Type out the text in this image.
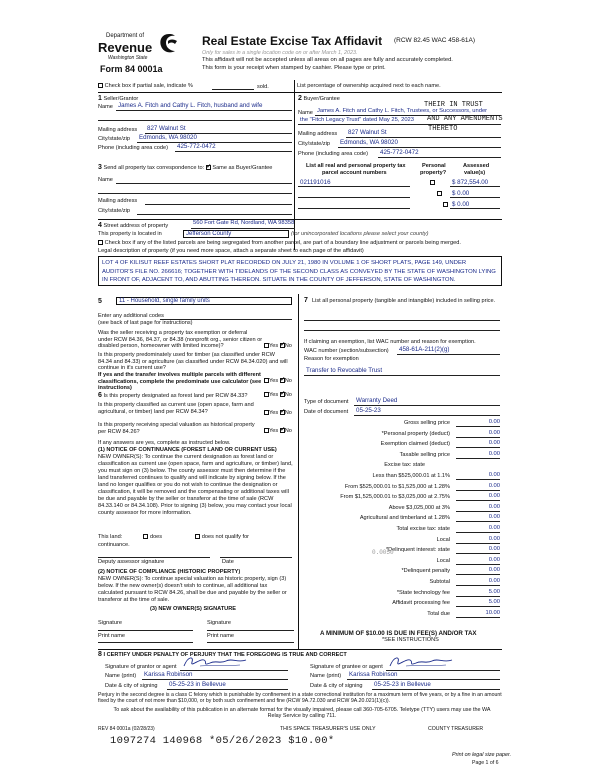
Department of
Revenue
Washington State
Form 84 0001a
Real Estate Excise Tax Affidavit (RCW 82.45 WAC 458-61A)
Only for sales in a single location code on or after March 1, 2023.
This affidavit will not be accepted unless all areas on all pages are fully and accurately completed.
This form is your receipt when stamped by cashier. Please type or print.
Check box if partial sale, indicate %	sold.	List percentage of ownership acquired next to each name.
1 Seller/Grantor
Name James A. Fitch and Cathy L. Fitch, husband and wife
Mailing address 827 Walnut St
City/state/zip Edmonds, WA 98020
Phone (including area code) 425-772-0472
2 Buyer/Grantee
THEIR IN TRUST
Name James A. Fitch and Cathy L. Fitch, Trustees, or Successors, under
the "Fitch Legacy Trust" dated May 25, 2023 AND ANY AMENDMENTS
THERETO
Mailing address 827 Walnut St
City/state/zip Edmonds, WA 98020
Phone (including area code) 425-772-0472
3 Send all property tax correspondence to: ✓ Same as Buyer/Grantee
Name
Mailing address
City/state/zip
List all real and personal property tax
parcel account numbers
Personal
property?
Assessed
value(s)
021191016
	$ 872,554.00

$ 0.00
$ 0.00
4 Street address of property	560 Fort Gate Rd, Nordland, WA 98358
This property is located in	Jefferson County	(for unincorporated locations please select your county)
Check box if any of the listed parcels are being segregated from another parcel, are part of a boundary line adjustment or parcels being merged.
Legal description of property (if you need more space, attach a separate sheet to each page of the affidavit)
LOT 4 OF KILISUT REEF ESTATES SHORT PLAT RECORDED ON JULY 21, 1980 IN VOLUME 1 OF SHORT PLATS, PAGE 149, UNDER AUDITOR'S FILE NO. 266616; TOGETHER WITH TIDELANDS OF THE SECOND CLASS AS CONVEYED BY THE STATE OF WASHINGTON LYING IN FRONT OF, ADJACENT TO, AND ABUTTING THEREON. SITUATE IN THE COUNTY OF JEFFERSON, STATE OF WASHINGTON.
5	11 - Household, single family units
Enter any additional codes
(see back of last page for instructions)
Was the seller receiving a property tax exemption or deferral under RCW 84.36, 84.37, or 84.38 (nonprofit org., senior citizen or disabled person, homeowner with limited income)?	Yes ✓ No
Is this property predominately used for timber (as classified under RCW 84.34 and 84.33) or agriculture (as classified under RCW 84.34.020) and will continue in it's current use?
If yes and the transfer involves multiple parcels with different classifications, complete the predominate use calculator (see instructions)
Yes ✓ No
6 Is this property designated as forest land per RCW 84.33?	Yes ✓ No
Is this property classified as current use (open space, farm and agricultural, or timber) land per RCW 84.34?	Yes ✓ No
Is this property receiving special valuation as historical property per RCW 84.26?	Yes ✓ No
If any answers are yes, complete as instructed below.
(1) NOTICE OF CONTINUANCE (FOREST LAND OR CURRENT USE)
NEW OWNER(S): To continue the current designation as forest land or classification as current use (open space, farm and agriculture, or timber) land, you must sign on (3) below. The county assessor must then determine if the land transferred continues to qualify and will indicate by signing below. If the land no longer qualifies or you do not wish to continue the designation or classification, it will be removed and the compensating or additional taxes will be due and payable by the seller or transferor at the time of sale (RCW 84.33.140 or 84.34.108). Prior to signing (3) below, you may contact your local county assessor for more information.
This land:	does	does not qualify for
continuance.
Deputy assessor signature	Date
(2) NOTICE OF COMPLIANCE (HISTORIC PROPERTY)
NEW OWNER(S): To continue special valuation as historic property, sign (3) below. If the new owner(s) doesn't wish to continue, all additional tax calculated pursuant to RCW 84.26, shall be due and payable by the seller or transferor at the time of sale.
(3) NEW OWNER(S) SIGNATURE
Signature	Signature
Print name	Print name
7 List all personal property (tangible and intangible) included in selling price.
If claiming an exemption, list WAC number and reason for exemption.
WAC number (section/subsection) 458-61A-211(2)(g)
Reason for exemption
Transfer to Revocable Trust
Type of document Warranty Deed
Date of document 05-25-23
Gross selling price	0.00
*Personal property (deduct)	0.00
Exemption claimed (deduct)	0.00
Taxable selling price	0.00
Excise tax: state
Less than $525,000.01 at 1.1%	0.00
From $525,000.01 to $1,525,000 at 1.28%	0.00
From $1,525,000.01 to $3,025,000 at 2.75%	0.00
Above $3,025,000 at 3%	0.00
Agricultural and timberland at 1.28%	0.00
Total excise tax: state	0.00
Local	0.00
*Delinquent interest: state	0.00
Local	0.00
*Delinquent penalty	0.00
Subtotal	0.00
*State technology fee	5.00
Affidavit processing fee	5.00
Total due	10.00
0.0050
A MINIMUM OF $10.00 IS DUE IN FEE(S) AND/OR TAX
*SEE INSTRUCTIONS
8 I CERTIFY UNDER PENALTY OF PERJURY THAT THE FOREGOING IS TRUE AND CORRECT
Signature of grantor or agent
Name (print) Karissa Robinson
Date & city of signing 05-25-23 in Bellevue
Signature of grantee or agent
Name (print) Karissa Robinson
Date & city of signing 05-25-23 in Bellevue
Perjury in the second degree is a class C felony which is punishable by confinement in a state correctional institution for a maximum term of five years, or by a fine in an amount fixed by the court of not more than $10,000, or by both such confinement and fine (RCW 9A.72.030 and RCW 9A.20.021(1)(c)).
To ask about the availability of this publication in an alternate format for the visually impaired, please call 360-705-6705. Teletype (TTY) users may use the WA Relay Service by calling 711.
REV 84 0001a (02/28/23)	THIS SPACE TREASURER'S USE ONLY	COUNTY TREASURER
1097274 140968 *05/26/2023 $10.00*
Print on legal size paper.
Page 1 of 6
